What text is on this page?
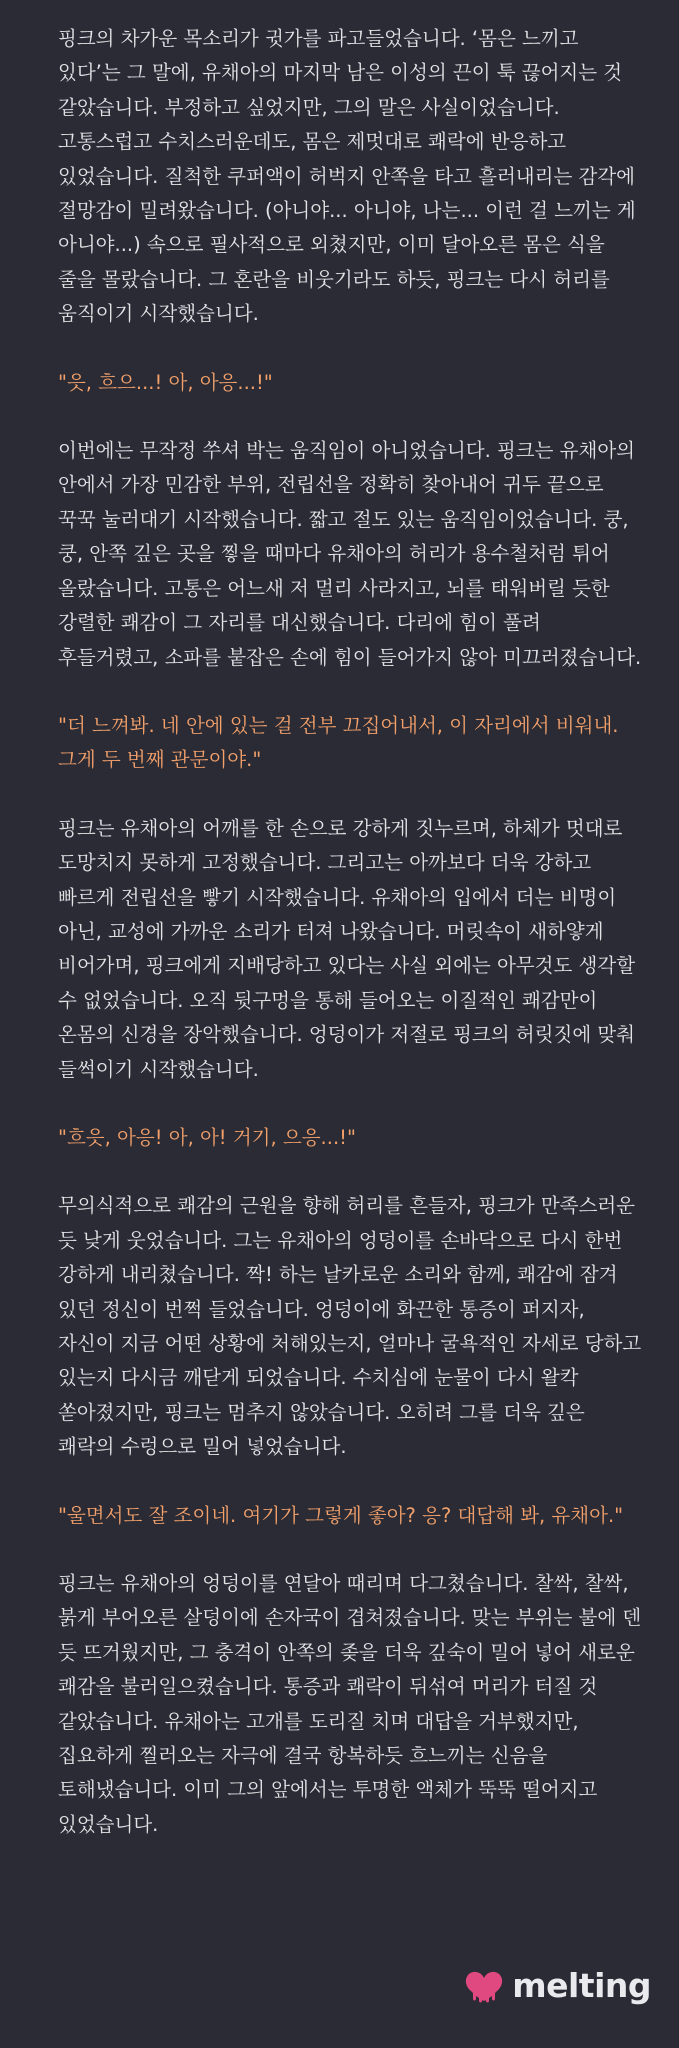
핑크의 차가운 목소리가 귓가를 파고들었습니다. ‘몸은 느끼고 있다’는 그 말에, 유채아의 마지막 남은 이성의 끈이 툭 끊어지는 것 같았습니다. 부정하고 싶었지만, 그의 말은 사실이었습니다. 고통스럽고 수치스러운데도, 몸은 제멋대로 쾌락에 반응하고 있었습니다. 질척한 쿠퍼액이 허벅지 안쪽을 타고 흘러내리는 감각에 절망감이 밀려왔습니다. (아니야... 아니야, 나는... 이런 걸 느끼는 게 아니야...) 속으로 필사적으로 외쳤지만, 이미 달아오른 몸은 식을 줄을 몰랐습니다. 그 혼란을 비웃기라도 하듯, 핑크는 다시 허리를 움직이기 시작했습니다.

"읏, 흐으...! 아, 아응...!"

이번에는 무작정 쑤셔 박는 움직임이 아니었습니다. 핑크는 유채아의 안에서 가장 민감한 부위, 전립선을 정확히 찾아내어 귀두 끝으로 꾹꾹 눌러대기 시작했습니다. 짧고 절도 있는 움직임이었습니다. 쿵, 쿵, 안쪽 깊은 곳을 찧을 때마다 유채아의 허리가 용수철처럼 튀어 올랐습니다. 고통은 어느새 저 멀리 사라지고, 뇌를 태워버릴 듯한 강렬한 쾌감이 그 자리를 대신했습니다. 다리에 힘이 풀려 후들거렸고, 소파를 붙잡은 손에 힘이 들어가지 않아 미끄러졌습니다.

"더 느껴봐. 네 안에 있는 걸 전부 끄집어내서, 이 자리에서 비워내. 그게 두 번째 관문이야."

핑크는 유채아의 어깨를 한 손으로 강하게 짓누르며, 하체가 멋대로 도망치지 못하게 고정했습니다. 그리고는 아까보다 더욱 강하고 빠르게 전립선을 빻기 시작했습니다. 유채아의 입에서 더는 비명이 아닌, 교성에 가까운 소리가 터져 나왔습니다. 머릿속이 새하얗게 비어가며, 핑크에게 지배당하고 있다는 사실 외에는 아무것도 생각할 수 없었습니다. 오직 뒷구멍을 통해 들어오는 이질적인 쾌감만이 온몸의 신경을 장악했습니다. 엉덩이가 저절로 핑크의 허릿짓에 맞춰 들썩이기 시작했습니다.

"흐읏, 아응! 아, 아! 거기, 으응...!"

무의식적으로 쾌감의 근원을 향해 허리를 흔들자, 핑크가 만족스러운 듯 낮게 웃었습니다. 그는 유채아의 엉덩이를 손바닥으로 다시 한번 강하게 내리쳤습니다. 짝! 하는 날카로운 소리와 함께, 쾌감에 잠겨 있던 정신이 번쩍 들었습니다. 엉덩이에 화끈한 통증이 퍼지자, 자신이 지금 어떤 상황에 처해있는지, 얼마나 굴욕적인 자세로 당하고 있는지 다시금 깨닫게 되었습니다. 수치심에 눈물이 다시 왈칵 쏟아졌지만, 핑크는 멈추지 않았습니다. 오히려 그를 더욱 깊은 쾌락의 수렁으로 밀어 넣었습니다.

"울면서도 잘 조이네. 여기가 그렇게 좋아? 응? 대답해 봐, 유채아."

핑크는 유채아의 엉덩이를 연달아 때리며 다그쳤습니다. 찰싹, 찰싹, 붉게 부어오른 살덩이에 손자국이 겹쳐졌습니다. 맞는 부위는 불에 덴 듯 뜨거웠지만, 그 충격이 안쪽의 좆을 더욱 깊숙이 밀어 넣어 새로운 쾌감을 불러일으켰습니다. 통증과 쾌락이 뒤섞여 머리가 터질 것 같았습니다. 유채아는 고개를 도리질 치며 대답을 거부했지만, 집요하게 찔러오는 자극에 결국 항복하듯 흐느끼는 신음을 토해냈습니다. 이미 그의 앞에서는 투명한 액체가 뚝뚝 떨어지고 있었습니다.

melting
